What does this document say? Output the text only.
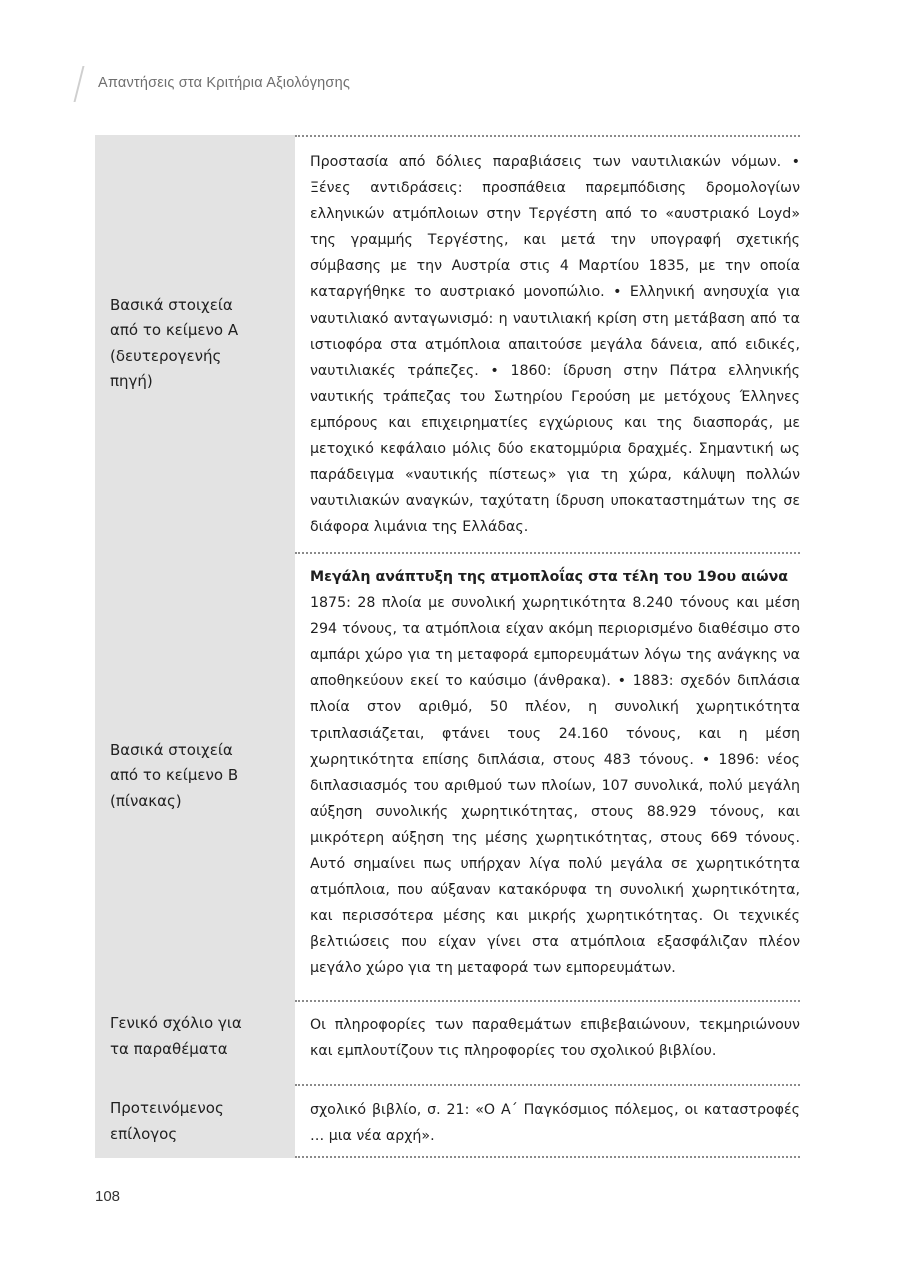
Απαντήσεις στα Κριτήρια Αξιολόγησης
Βασικά στοιχεία
από το κείμενο Α
(δευτερογενής
πηγή)

Προστασία από δόλιες παραβιάσεις των ναυτιλιακών νόμων. • Ξένες αντιδράσεις: προσπάθεια παρεμπόδισης δρομολογίων ελληνικών ατμόπλοιων στην Τεργέστη από το «αυστριακό Loyd» της γραμμής Τεργέστης, και μετά την υπογραφή σχετικής σύμβασης με την Αυστρία στις 4 Μαρτίου 1835, με την οποία καταργήθηκε το αυστριακό μονοπώλιο. • Ελληνική ανησυχία για ναυτιλιακό ανταγωνισμό: η ναυτιλιακή κρίση στη μετάβαση από τα ιστιοφόρα στα ατμόπλοια απαιτούσε μεγάλα δάνεια, από ειδικές, ναυτιλιακές τράπεζες. • 1860: ίδρυση στην Πάτρα ελληνικής ναυτικής τράπεζας του Σωτηρίου Γερούση με μετόχους Έλληνες εμπόρους και επιχειρηματίες εγχώριους και της διασποράς, με μετοχικό κεφάλαιο μόλις δύο εκατομμύρια δραχμές. Σημαντική ως παράδειγμα «ναυτικής πίστεως» για τη χώρα, κάλυψη πολλών ναυτιλιακών αναγκών, ταχύτατη ίδρυση υποκαταστημάτων της σε διάφορα λιμάνια της Ελλάδας.

Βασικά στοιχεία
από το κείμενο Β
(πίνακας)

Μεγάλη ανάπτυξη της ατμοπλοΐας στα τέλη του 19ου αιώνα

1875: 28 πλοία με συνολική χωρητικότητα 8.240 τόνους και μέση 294 τόνους, τα ατμόπλοια είχαν ακόμη περιορισμένο διαθέσιμο στο αμπάρι χώρο για τη μεταφορά εμπορευμάτων λόγω της ανάγκης να αποθηκεύουν εκεί το καύσιμο (άνθρακα). • 1883: σχεδόν διπλάσια πλοία στον αριθμό, 50 πλέον, η συνολική χωρητικότητα τριπλασιάζεται, φτάνει τους 24.160 τόνους, και η μέση χωρητικότητα επίσης διπλάσια, στους 483 τόνους. • 1896: νέος διπλασιασμός του αριθμού των πλοίων, 107 συνολικά, πολύ μεγάλη αύξηση συνολικής χωρητικότητας, στους 88.929 τόνους, και μικρότερη αύξηση της μέσης χωρητικότητας, στους 669 τόνους. Αυτό σημαίνει πως υπήρχαν λίγα πολύ μεγάλα σε χωρητικότητα ατμόπλοια, που αύξαναν κατακόρυφα τη συνολική χωρητικότητα, και περισσότερα μέσης και μικρής χωρητικότητας. Οι τεχνικές βελτιώσεις που είχαν γίνει στα ατμόπλοια εξασφάλιζαν πλέον μεγάλο χώρο για τη μεταφορά των εμπορευμάτων.

Γενικό σχόλιο για
τα παραθέματα

Οι πληροφορίες των παραθεμάτων επιβεβαιώνουν, τεκμηριώνουν και εμπλουτίζουν τις πληροφορίες του σχολικού βιβλίου.

Προτεινόμενος
επίλογος

σχολικό βιβλίο, σ. 21: «Ο Α΄ Παγκόσμιος πόλεμος, οι καταστροφές … μια νέα αρχή».

108
